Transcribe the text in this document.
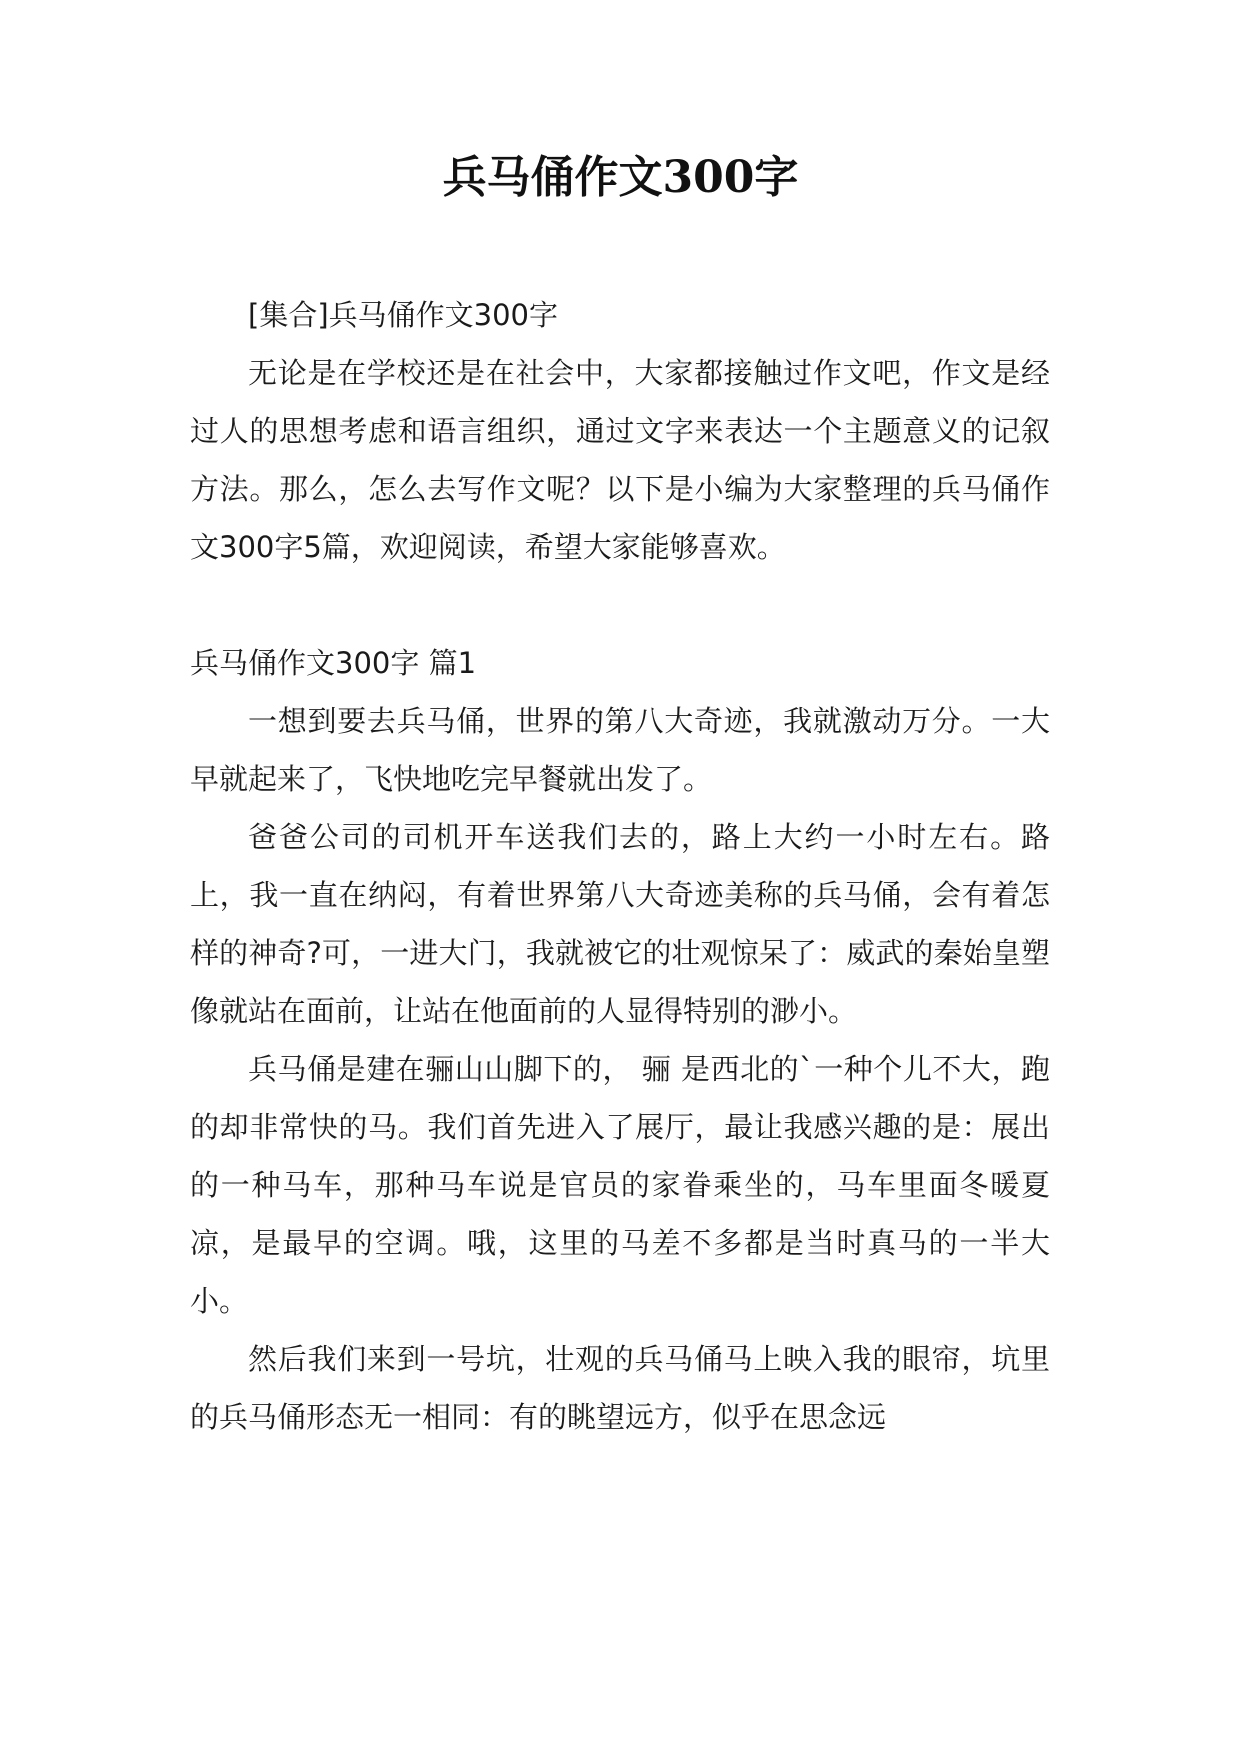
兵马俑作文300字

[集合]兵马俑作文300字

无论是在学校还是在社会中，大家都接触过作文吧，作文是经过人的思想考虑和语言组织，通过文字来表达一个主题意义的记叙方法。那么，怎么去写作文呢？以下是小编为大家整理的兵马俑作文300字5篇，欢迎阅读，希望大家能够喜欢。

兵马俑作文300字 篇1

一想到要去兵马俑，世界的第八大奇迹，我就激动万分。一大早就起来了，飞快地吃完早餐就出发了。

爸爸公司的司机开车送我们去的，路上大约一小时左右。路上，我一直在纳闷，有着世界第八大奇迹美称的兵马俑，会有着怎样的神奇?可，一进大门，我就被它的壮观惊呆了：威武的秦始皇塑像就站在面前，让站在他面前的人显得特别的渺小。

兵马俑是建在骊山山脚下的， 骊 是西北的`一种个儿不大，跑的却非常快的马。我们首先进入了展厅，最让我感兴趣的是：展出的一种马车，那种马车说是官员的家眷乘坐的，马车里面冬暖夏凉，是最早的空调。哦，这里的马差不多都是当时真马的一半大小。

然后我们来到一号坑，壮观的兵马俑马上映入我的眼帘，坑里的兵马俑形态无一相同：有的眺望远方，似乎在思念远
